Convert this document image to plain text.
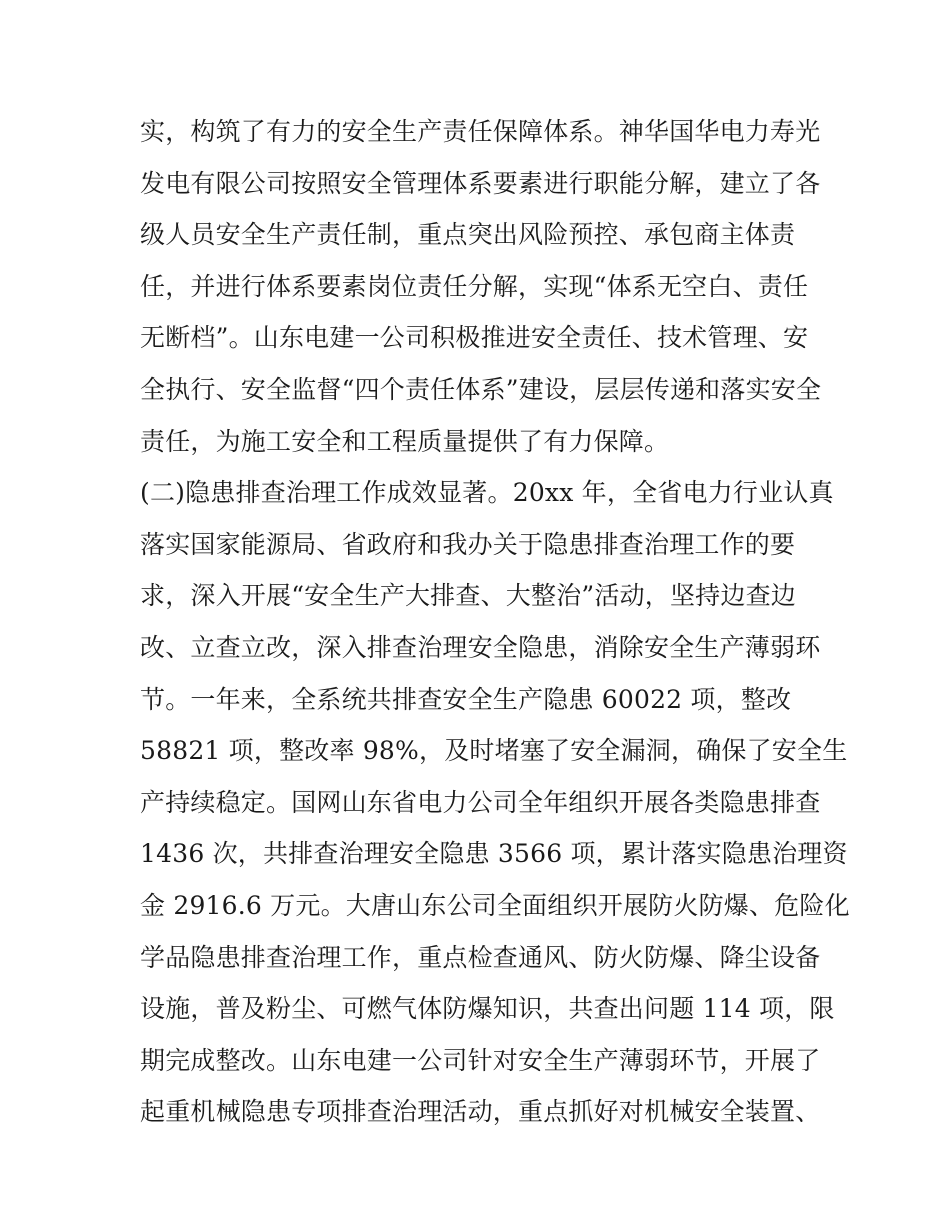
实，构筑了有力的安全生产责任保障体系。神华国华电力寿光
发电有限公司按照安全管理体系要素进行职能分解，建立了各
级人员安全生产责任制，重点突出风险预控、承包商主体责
任，并进行体系要素岗位责任分解，实现“体系无空白、责任
无断档”。山东电建一公司积极推进安全责任、技术管理、安
全执行、安全监督“四个责任体系”建设，层层传递和落实安全
责任，为施工安全和工程质量提供了有力保障。
(二)隐患排查治理工作成效显著。20xx 年，全省电力行业认真
落实国家能源局、省政府和我办关于隐患排查治理工作的要
求，深入开展“安全生产大排查、大整治”活动，坚持边查边
改、立查立改，深入排查治理安全隐患，消除安全生产薄弱环
节。一年来，全系统共排查安全生产隐患 60022 项，整改
58821 项，整改率 98%，及时堵塞了安全漏洞，确保了安全生
产持续稳定。国网山东省电力公司全年组织开展各类隐患排查
1436 次，共排查治理安全隐患 3566 项，累计落实隐患治理资
金 2916.6 万元。大唐山东公司全面组织开展防火防爆、危险化
学品隐患排查治理工作，重点检查通风、防火防爆、降尘设备
设施，普及粉尘、可燃气体防爆知识，共查出问题 114 项，限
期完成整改。山东电建一公司针对安全生产薄弱环节，开展了
起重机械隐患专项排查治理活动，重点抓好对机械安全装置、
